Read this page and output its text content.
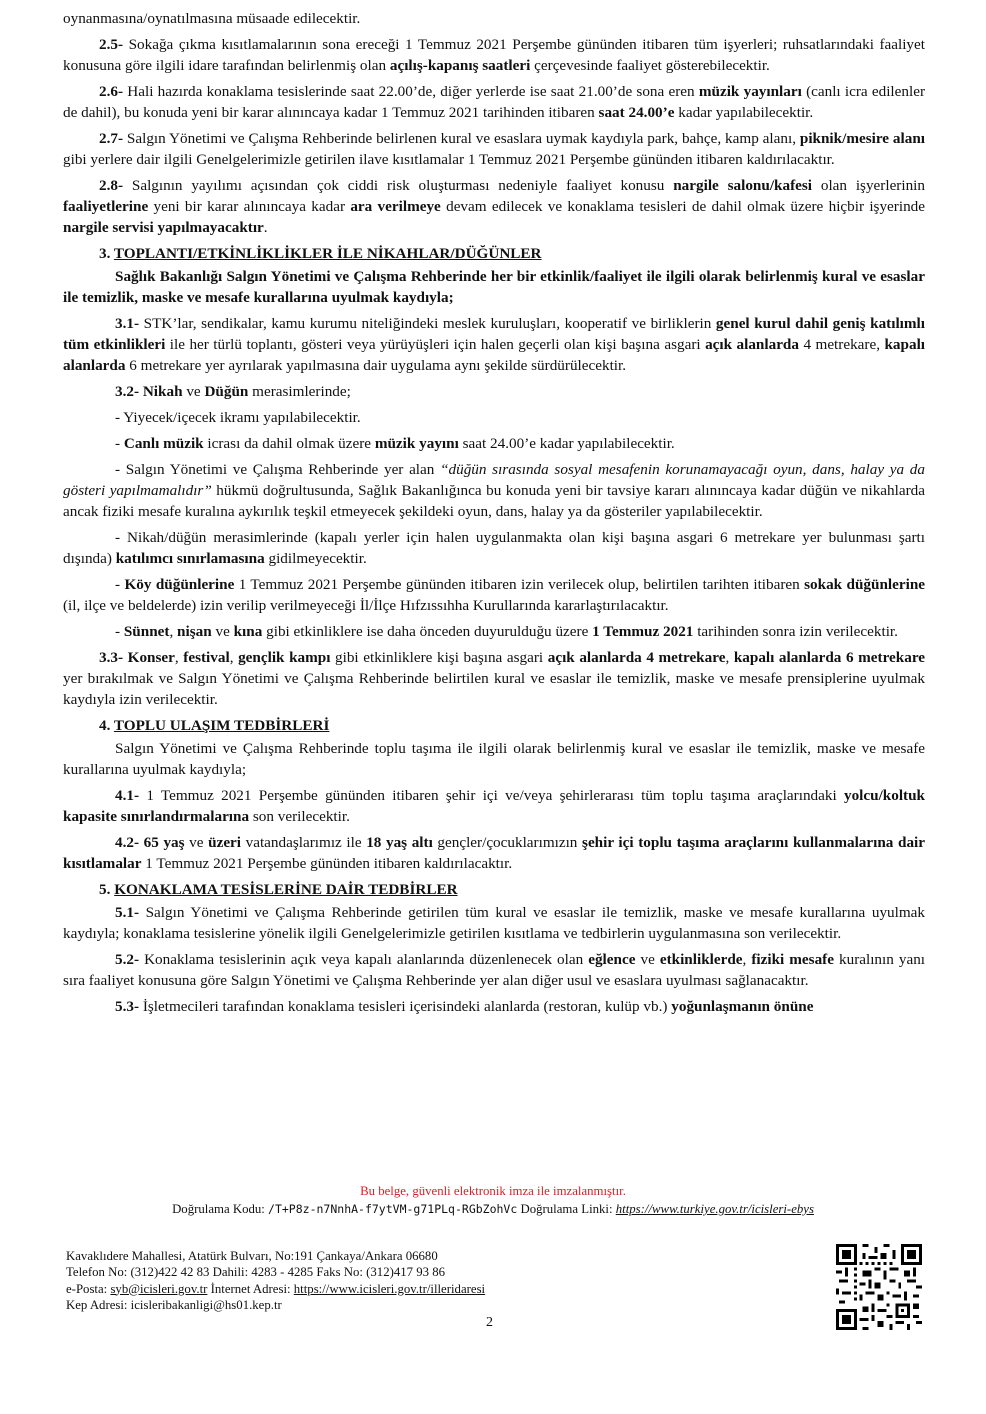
oynanmasına/oynatılmasına müsaade edilecektir.

2.5- Sokağa çıkma kısıtlamalarının sona ereceği 1 Temmuz 2021 Perşembe gününden itibaren tüm işyerleri; ruhsatlarındaki faaliyet konusuna göre ilgili idare tarafından belirlenmiş olan açılış-kapanış saatleri çerçevesinde faaliyet gösterebilecektir.

2.6- Hali hazırda konaklama tesislerinde saat 22.00’de, diğer yerlerde ise saat 21.00’de sona eren müzik yayınları (canlı icra edilenler de dahil), bu konuda yeni bir karar alınıncaya kadar 1 Temmuz 2021 tarihinden itibaren saat 24.00’e kadar yapılabilecektir.

2.7- Salgın Yönetimi ve Çalışma Rehberinde belirlenen kural ve esaslara uymak kaydıyla park, bahçe, kamp alanı, piknik/mesire alanı gibi yerlere dair ilgili Genelgelerimizle getirilen ilave kısıtlamalar 1 Temmuz 2021 Perşembe gününden itibaren kaldırılacaktır.

2.8- Salgının yayılımı açısından çok ciddi risk oluşturması nedeniyle faaliyet konusu nargile salonu/kafesi olan işyerlerinin faaliyetlerine yeni bir karar alınıncaya kadar ara verilmeye devam edilecek ve konaklama tesisleri de dahil olmak üzere hiçbir işyerinde nargile servisi yapılmayacaktır.

3. TOPLANTI/ETKİNLİKLİKLER İLE NİKAHLAR/DÜĞÜNLER

Sağlık Bakanlığı Salgın Yönetimi ve Çalışma Rehberinde her bir etkinlik/faaliyet ile ilgili olarak belirlenmiş kural ve esaslar ile temizlik, maske ve mesafe kurallarına uyulmak kaydıyla;

3.1- STK’lar, sendikalar, kamu kurumu niteliğindeki meslek kuruluşları, kooperatif ve birliklerin genel kurul dahil geniş katılımlı tüm etkinlikleri ile her türlü toplantı, gösteri veya yürüyüşleri için halen geçerli olan kişi başına asgari açık alanlarda 4 metrekare, kapalı alanlarda 6 metrekare yer ayrılarak yapılmasına dair uygulama aynı şekilde sürdürülecektir.

3.2- Nikah ve Düğün merasimlerinde;

- Yiyecek/içecek ikramı yapılabilecektir.

- Canlı müzik icrası da dahil olmak üzere müzik yayını saat 24.00’e kadar yapılabilecektir.

- Salgın Yönetimi ve Çalışma Rehberinde yer alan “düğün sırasında sosyal mesafenin korunamayacağı oyun, dans, halay ya da gösteri yapılmamalıdır” hükmü doğrultusunda, Sağlık Bakanlığınca bu konuda yeni bir tavsiye kararı alınıncaya kadar düğün ve nikahlarda ancak fiziki mesafe kuralına aykırılık teşkil etmeyecek şekildeki oyun, dans, halay ya da gösteriler yapılabilecektir.

- Nikah/düğün merasimlerinde (kapalı yerler için halen uygulanmakta olan kişi başına asgari 6 metrekare yer bulunması şartı dışında) katılımcı sınırlamasına gidilmeyecektir.

- Köy düğünlerine 1 Temmuz 2021 Perşembe gününden itibaren izin verilecek olup, belirtilen tarihten itibaren sokak düğünlerine (il, ilçe ve beldelerde) izin verilip verilmeyeceği İl/İlçe Hıfzıssıhha Kurullarında kararlaştırılacaktır.

- Sünnet, nişan ve kına gibi etkinliklere ise daha önceden duyurulduğu üzere 1 Temmuz 2021 tarihinden sonra izin verilecektir.

3.3- Konser, festival, gençlik kampı gibi etkinliklere kişi başına asgari açık alanlarda 4 metrekare, kapalı alanlarda 6 metrekare yer bırakılmak ve Salgın Yönetimi ve Çalışma Rehberinde belirtilen kural ve esaslar ile temizlik, maske ve mesafe prensiplerine uyulmak kaydıyla izin verilecektir.

4. TOPLU ULAŞIM TEDBİRLERİ

Salgın Yönetimi ve Çalışma Rehberinde toplu taşıma ile ilgili olarak belirlenmiş kural ve esaslar ile temizlik, maske ve mesafe kurallarına uyulmak kaydıyla;

4.1- 1 Temmuz 2021 Perşembe gününden itibaren şehir içi ve/veya şehirlerarası tüm toplu taşıma araçlarındaki yolcu/koltuk kapasite sınırlandırmalarına son verilecektir.

4.2- 65 yaş ve üzeri vatandaşlarımız ile 18 yaş altı gençler/çocuklarımızın şehir içi toplu taşıma araçlarını kullanmalarına dair kısıtlamalar 1 Temmuz 2021 Perşembe gününden itibaren kaldırılacaktır.

5. KONAKLAMA TESİSLERİNE DAİR TEDBİRLER

5.1- Salgın Yönetimi ve Çalışma Rehberinde getirilen tüm kural ve esaslar ile temizlik, maske ve mesafe kurallarına uyulmak kaydıyla; konaklama tesislerine yönelik ilgili Genelgelerimizle getirilen kısıtlama ve tedbirlerin uygulanmasına son verilecektir.

5.2- Konaklama tesislerinin açık veya kapalı alanlarında düzenlenecek olan eğlence ve etkinliklerde, fiziki mesafe kuralının yanı sıra faaliyet konusuna göre Salgın Yönetimi ve Çalışma Rehberinde yer alan diğer usul ve esaslara uyulması sağlanacaktır.

5.3- İşletmecileri tarafından konaklama tesisleri içerisindeki alanlarda (restoran, kulüp vb.) yoğunlaşmanın önüne

Bu belge, güvenli elektronik imza ile imzalanmıştır.
Doğrulama Kodu: /T+P8z-n7NnhA-f7ytVM-g71PLq-RGbZohVc Doğrulama Linki: https://www.turkiye.gov.tr/icisleri-ebys
Kavaklıdere Mahallesi, Atatürk Bulvarı, No:191 Çankaya/Ankara 06680
Telefon No: (312)422 42 83 Dahili: 4283 - 4285 Faks No: (312)417 93 86
e-Posta: syb@icisleri.gov.tr İnternet Adresi: https://www.icisleri.gov.tr/illeridaresi
Kep Adresi: icisleribakanligi@hs01.kep.tr
2
